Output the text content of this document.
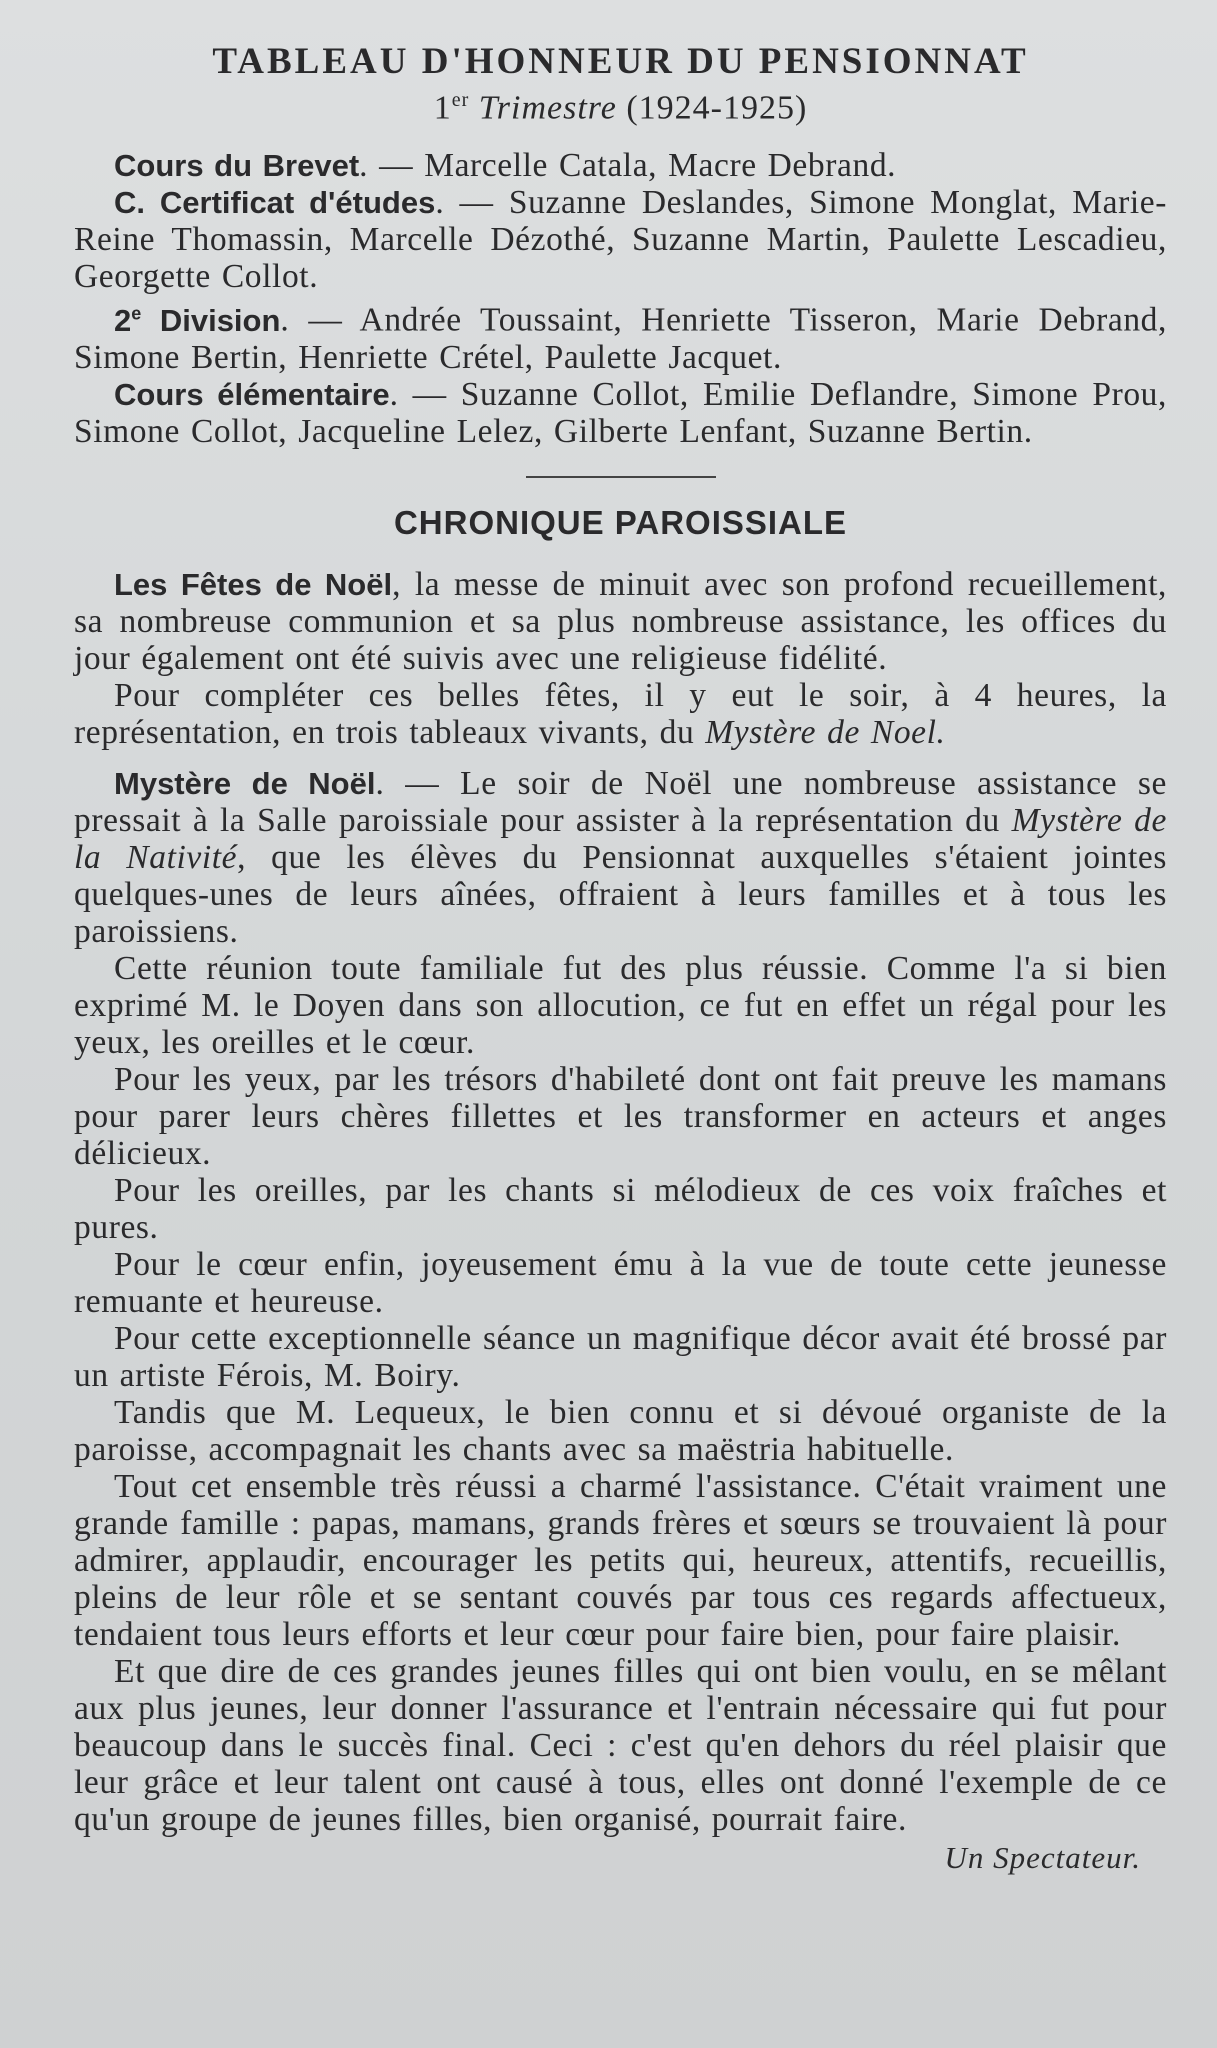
TABLEAU D'HONNEUR DU PENSIONNAT
1er Trimestre (1924-1925)

Cours du Brevet. — Marcelle Catala, Macre Debrand.

C. Certificat d'études. — Suzanne Deslandes, Simone Monglat, Marie-Reine Thomassin, Marcelle Dézothé, Suzanne Martin, Paulette Lescadieu, Georgette Collot.

2e Division. — Andrée Toussaint, Henriette Tisseron, Marie Debrand, Simone Bertin, Henriette Crétel, Paulette Jacquet.

Cours élémentaire. — Suzanne Collot, Emilie Deflandre, Simone Prou, Simone Collot, Jacqueline Lelez, Gilberte Lenfant, Suzanne Bertin.

CHRONIQUE PAROISSIALE

Les Fêtes de Noël, la messe de minuit avec son profond recueillement, sa nombreuse communion et sa plus nombreuse assistance, les offices du jour également ont été suivis avec une religieuse fidélité.

Pour compléter ces belles fêtes, il y eut le soir, à 4 heures, la représentation, en trois tableaux vivants, du Mystère de Noel.

Mystère de Noël. — Le soir de Noël une nombreuse assistance se pressait à la Salle paroissiale pour assister à la représentation du Mystère de la Nativité, que les élèves du Pensionnat auxquelles s'étaient jointes quelques-unes de leurs aînées, offraient à leurs familles et à tous les paroissiens.

Cette réunion toute familiale fut des plus réussie. Comme l'a si bien exprimé M. le Doyen dans son allocution, ce fut en effet un régal pour les yeux, les oreilles et le cœur.

Pour les yeux, par les trésors d'habileté dont ont fait preuve les mamans pour parer leurs chères fillettes et les transformer en acteurs et anges délicieux.

Pour les oreilles, par les chants si mélodieux de ces voix fraîches et pures.

Pour le cœur enfin, joyeusement ému à la vue de toute cette jeunesse remuante et heureuse.

Pour cette exceptionnelle séance un magnifique décor avait été brossé par un artiste Férois, M. Boiry.

Tandis que M. Lequeux, le bien connu et si dévoué organiste de la paroisse, accompagnait les chants avec sa maëstria habituelle.

Tout cet ensemble très réussi a charmé l'assistance. C'était vraiment une grande famille : papas, mamans, grands frères et sœurs se trouvaient là pour admirer, applaudir, encourager les petits qui, heureux, attentifs, recueillis, pleins de leur rôle et se sentant couvés par tous ces regards affectueux, tendaient tous leurs efforts et leur cœur pour faire bien, pour faire plaisir.

Et que dire de ces grandes jeunes filles qui ont bien voulu, en se mêlant aux plus jeunes, leur donner l'assurance et l'entrain nécessaire qui fut pour beaucoup dans le succès final. Ceci : c'est qu'en dehors du réel plaisir que leur grâce et leur talent ont causé à tous, elles ont donné l'exemple de ce qu'un groupe de jeunes filles, bien organisé, pourrait faire.

Un Spectateur.
